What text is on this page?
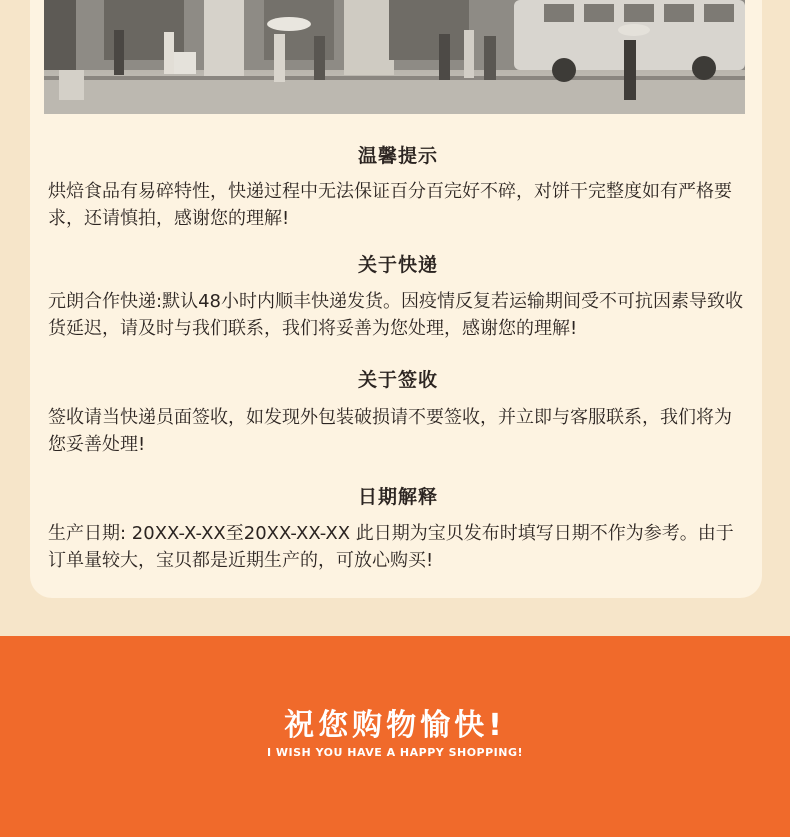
温馨提示

烘焙食品有易碎特性，快递过程中无法保证百分百完好不碎，对饼干完整度如有严格要求，还请慎拍，感谢您的理解!

关于快递

元朗合作快递:默认48小时内顺丰快递发货。因疫情反复若运输期间受不可抗因素导致收货延迟，请及时与我们联系，我们将妥善为您处理，感谢您的理解!

关于签收

签收请当快递员面签收，如发现外包装破损请不要签收，并立即与客服联系，我们将为您妥善处理!

日期解释

生产日期: 20XX-X-XX至20XX-XX-XX 此日期为宝贝发布时填写日期不作为参考。由于订单量较大，宝贝都是近期生产的，可放心购买!

祝您购物愉快!
I WISH YOU HAVE A HAPPY SHOPPING!
